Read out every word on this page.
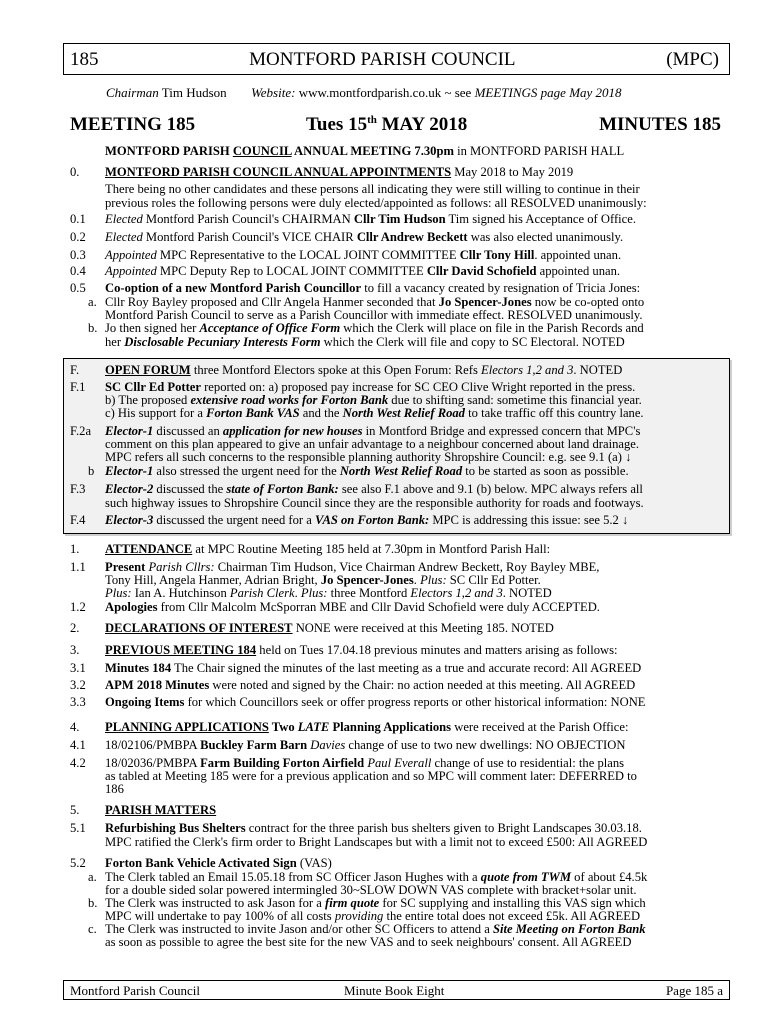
185	MONTFORD PARISH COUNCIL	(MPC)
Chairman Tim Hudson Website: www.montfordparish.co.uk ~ see MEETINGS page May 2018
MEETING 185	Tues 15th MAY 2018	MINUTES 185
MONTFORD PARISH COUNCIL ANNUAL MEETING 7.30pm in MONTFORD PARISH HALL
0. MONTFORD PARISH COUNCIL ANNUAL APPOINTMENTS May 2018 to May 2019
There being no other candidates and these persons all indicating they were still willing to continue in their
previous roles the following persons were duly elected/appointed as follows: all RESOLVED unanimously:
0.1 Elected Montford Parish Council's CHAIRMAN Cllr Tim Hudson Tim signed his Acceptance of Office.
0.2 Elected Montford Parish Council's VICE CHAIR Cllr Andrew Beckett was also elected unanimously.
0.3 Appointed MPC Representative to the LOCAL JOINT COMMITTEE Cllr Tony Hill. appointed unan.
0.4 Appointed MPC Deputy Rep to LOCAL JOINT COMMITTEE Cllr David Schofield appointed unan.
0.5 Co-option of a new Montford Parish Councillor to fill a vacancy created by resignation of Tricia Jones:
a. Cllr Roy Bayley proposed and Cllr Angela Hanmer seconded that Jo Spencer-Jones now be co-opted onto
Montford Parish Council to serve as a Parish Councillor with immediate effect. RESOLVED unanimously.
b. Jo then signed her Acceptance of Office Form which the Clerk will place on file in the Parish Records and
her Disclosable Pecuniary Interests Form which the Clerk will file and copy to SC Electoral. NOTED
F. OPEN FORUM three Montford Electors spoke at this Open Forum: Refs Electors 1,2 and 3. NOTED
F.1 SC Cllr Ed Potter reported on: a) proposed pay increase for SC CEO Clive Wright reported in the press.
b) The proposed extensive road works for Forton Bank due to shifting sand: sometime this financial year.
c) His support for a Forton Bank VAS and the North West Relief Road to take traffic off this country lane.
F.2a Elector-1 discussed an application for new houses in Montford Bridge and expressed concern that MPC's
comment on this plan appeared to give an unfair advantage to a neighbour concerned about land drainage.
MPC refers all such concerns to the responsible planning authority Shropshire Council: e.g. see 9.1 (a) ↓
b Elector-1 also stressed the urgent need for the North West Relief Road to be started as soon as possible.
F.3 Elector-2 discussed the state of Forton Bank: see also F.1 above and 9.1 (b) below. MPC always refers all
such highway issues to Shropshire Council since they are the responsible authority for roads and footways.
F.4 Elector-3 discussed the urgent need for a VAS on Forton Bank: MPC is addressing this issue: see 5.2 ↓
1. ATTENDANCE at MPC Routine Meeting 185 held at 7.30pm in Montford Parish Hall:
1.1 Present Parish Cllrs: Chairman Tim Hudson, Vice Chairman Andrew Beckett, Roy Bayley MBE,
Tony Hill, Angela Hanmer, Adrian Bright, Jo Spencer-Jones. Plus: SC Cllr Ed Potter.
Plus: Ian A. Hutchinson Parish Clerk. Plus: three Montford Electors 1,2 and 3. NOTED
1.2 Apologies from Cllr Malcolm McSporran MBE and Cllr David Schofield were duly ACCEPTED.
2. DECLARATIONS OF INTEREST NONE were received at this Meeting 185. NOTED
3. PREVIOUS MEETING 184 held on Tues 17.04.18 previous minutes and matters arising as follows:
3.1 Minutes 184 The Chair signed the minutes of the last meeting as a true and accurate record: All AGREED
3.2 APM 2018 Minutes were noted and signed by the Chair: no action needed at this meeting. All AGREED
3.3 Ongoing Items for which Councillors seek or offer progress reports or other historical information: NONE
4. PLANNING APPLICATIONS Two LATE Planning Applications were received at the Parish Office:
4.1 18/02106/PMBPA Buckley Farm Barn Davies change of use to two new dwellings: NO OBJECTION
4.2 18/02036/PMBPA Farm Building Forton Airfield Paul Everall change of use to residential: the plans
as tabled at Meeting 185 were for a previous application and so MPC will comment later: DEFERRED to
186
5. PARISH MATTERS
5.1 Refurbishing Bus Shelters contract for the three parish bus shelters given to Bright Landscapes 30.03.18.
MPC ratified the Clerk's firm order to Bright Landscapes but with a limit not to exceed £500: All AGREED
5.2 Forton Bank Vehicle Activated Sign (VAS)
a. The Clerk tabled an Email 15.05.18 from SC Officer Jason Hughes with a quote from TWM of about £4.5k
for a double sided solar powered intermingled 30~SLOW DOWN VAS complete with bracket+solar unit.
b. The Clerk was instructed to ask Jason for a firm quote for SC supplying and installing this VAS sign which
MPC will undertake to pay 100% of all costs providing the entire total does not exceed £5k. All AGREED
c. The Clerk was instructed to invite Jason and/or other SC Officers to attend a Site Meeting on Forton Bank
as soon as possible to agree the best site for the new VAS and to seek neighbours' consent. All AGREED
Montford Parish Council	Minute Book Eight	Page 185 a
